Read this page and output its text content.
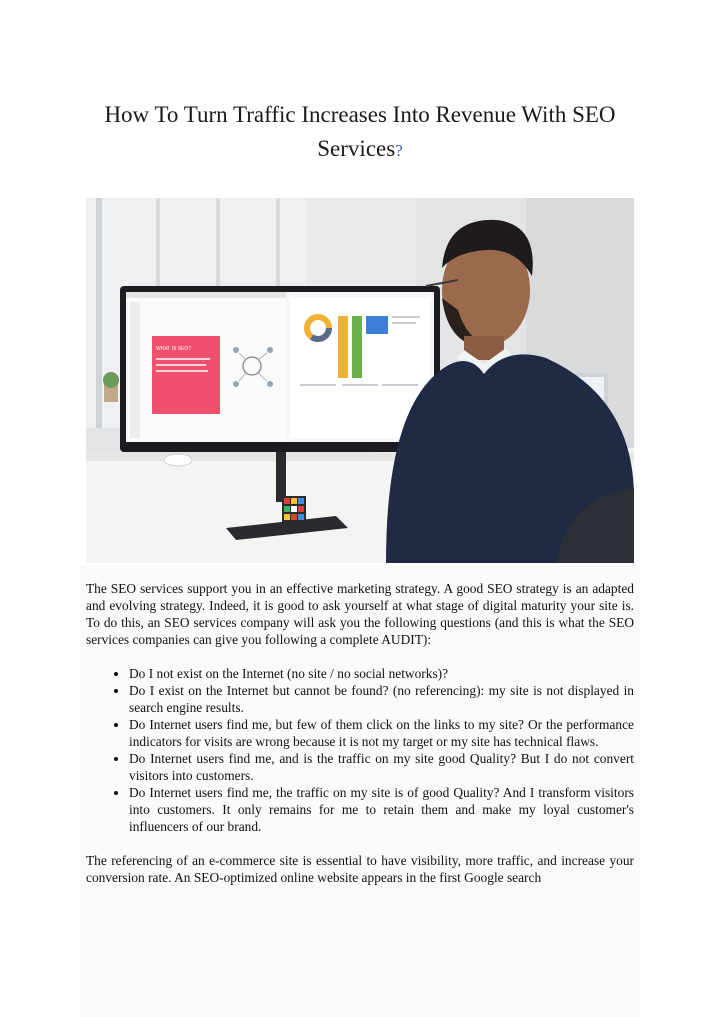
How To Turn Traffic Increases Into Revenue With SEO
Services?
WHAT IS SEO?

The SEO services support you in an effective marketing strategy. A good SEO strategy is an adapted and evolving strategy. Indeed, it is good to ask yourself at what stage of digital maturity your site is. To do this, an SEO services company will ask you the following questions (and this is what the SEO services companies can give you following a complete AUDIT):

• Do I not exist on the Internet (no site / no social networks)?
• Do I exist on the Internet but cannot be found? (no referencing): my site is not displayed in search engine results.
• Do Internet users find me, but few of them click on the links to my site? Or the performance indicators for visits are wrong because it is not my target or my site has technical flaws.
• Do Internet users find me, and is the traffic on my site good Quality? But I do not convert visitors into customers.
• Do Internet users find me, the traffic on my site is of good Quality? And I transform visitors into customers. It only remains for me to retain them and make my loyal customer's influencers of our brand.

The referencing of an e-commerce site is essential to have visibility, more traffic, and increase your conversion rate. An SEO-optimized online website appears in the first Google search
